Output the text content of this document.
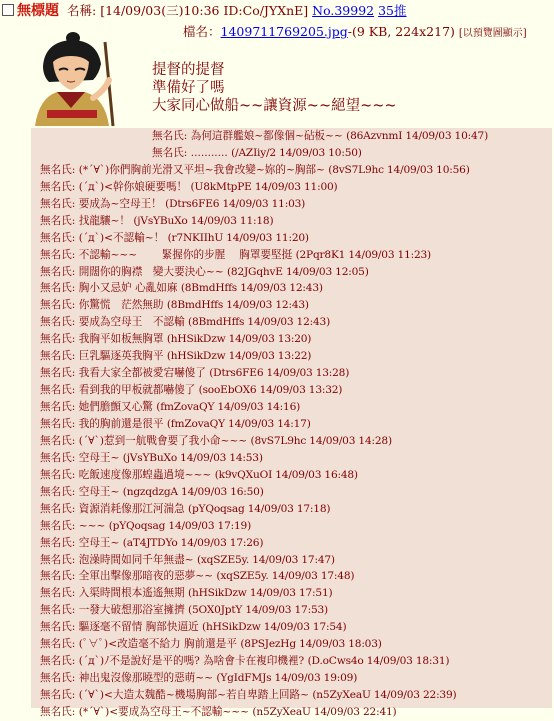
無標題 名稱: [14/09/03(三)10:36 ID:Co/JYXnE] No.39992 35推
檔名：1409711769205.jpg-(9 KB, 224x217) [以預覽圖顯示]
提督的提督
準備好了嗎
大家同心做船~~讓資源~~絕望~~~
無名氏: 為何這群艦娘~都像個~砧板~~ (86AzvnmI 14/09/03 10:47)
無名氏: ........... (/AZIiy/2 14/09/03 10:50)
無名氏: (*´∀`)你們胸前光滑又平坦~我會改變~妳的~胸部~ (8vS7L9hc 14/09/03 10:56)
無名氏: (´д`)<幹你娘硬要嗎！ (U8kMtpPE 14/09/03 11:00)
無名氏: 要成為~空母王！ (Dtrs6FE6 14/09/03 11:03)
無名氏: 找龍驤~！ (jVsYBuXo 14/09/03 11:18)
無名氏: (´д`)<不認輸~！ (r7NKIIhU 14/09/03 11:20)
無名氏: 不認輸~~~　　 緊握你的步腥　 胸罩要堅挺 (2Pqr8K1 14/09/03 11:23)
無名氏: 開闊你的胸襟　變大要決心~~ (82JGqhvE 14/09/03 12:05)
無名氏: 胸小又忌妒 心亂如麻 (8BmdHffs 14/09/03 12:43)
無名氏: 你驚慌　茫然無助 (8BmdHffs 14/09/03 12:43)
無名氏: 要成為空母王　不認輸 (8BmdHffs 14/09/03 12:43)
無名氏: 我胸平如板無胸罩 (hHSikDzw 14/09/03 13:20)
無名氏: 巨乳驅逐英我胸平 (hHSikDzw 14/09/03 13:22)
無名氏: 我看大家全都被愛宕嚇傻了 (Dtrs6FE6 14/09/03 13:28)
無名氏: 看到我的甲板就都嚇傻了 (sooEbOX6 14/09/03 13:32)
無名氏: 她們膽顫又心驚 (fmZovaQY 14/09/03 14:16)
無名氏: 我的胸前還是很平 (fmZovaQY 14/09/03 14:17)
無名氏: (´∀`)惹到一航戰會要了我小命~~~ (8vS7L9hc 14/09/03 14:28)
無名氏: 空母王~ (jVsYBuXo 14/09/03 14:53)
無名氏: 吃飯速度像那蝗蟲過境~~~ (k9vQXuOI 14/09/03 16:48)
無名氏: 空母王~ (ngzqdzgA 14/09/03 16:50)
無名氏: 資源消耗像那江河湍急 (pYQoqsag 14/09/03 17:18)
無名氏: ~~~ (pYQoqsag 14/09/03 17:19)
無名氏: 空母王~ (aT4JTDYo 14/09/03 17:26)
無名氏: 泡澡時間如同千年無盡~ (xqSZE5y. 14/09/03 17:47)
無名氏: 全軍出擊像那暗夜的惡夢~~ (xqSZE5y. 14/09/03 17:48)
無名氏: 入渠時間根本遙遙無期 (hHSikDzw 14/09/03 17:51)
無名氏: 一發大破想那浴室擁擠 (5OX0JptY 14/09/03 17:53)
無名氏: 驅逐毫不留情 胸部快逼近 (hHSikDzw 14/09/03 17:54)
無名氏: (ﾟ∀ﾟ)<改造毫不給力 胸前還是平 (8PSJezHg 14/09/03 18:03)
無名氏: (´д`)ﾉ不是說好是平的嗎? 為啥會卡在複印機裡? (D.oCws4o 14/09/03 18:31)
無名氏: 神出鬼沒像那曉型的惡萌~~ (YgIdFMJs 14/09/03 19:09)
無名氏: (´∀`)<大造太魏酷~機場胸部~若自卑踏上回路~ (n5ZyXeaU 14/09/03 22:39)
無名氏: (*´∀`)<要成為空母王~不認輸~~~ (n5ZyXeaU 14/09/03 22:41)
